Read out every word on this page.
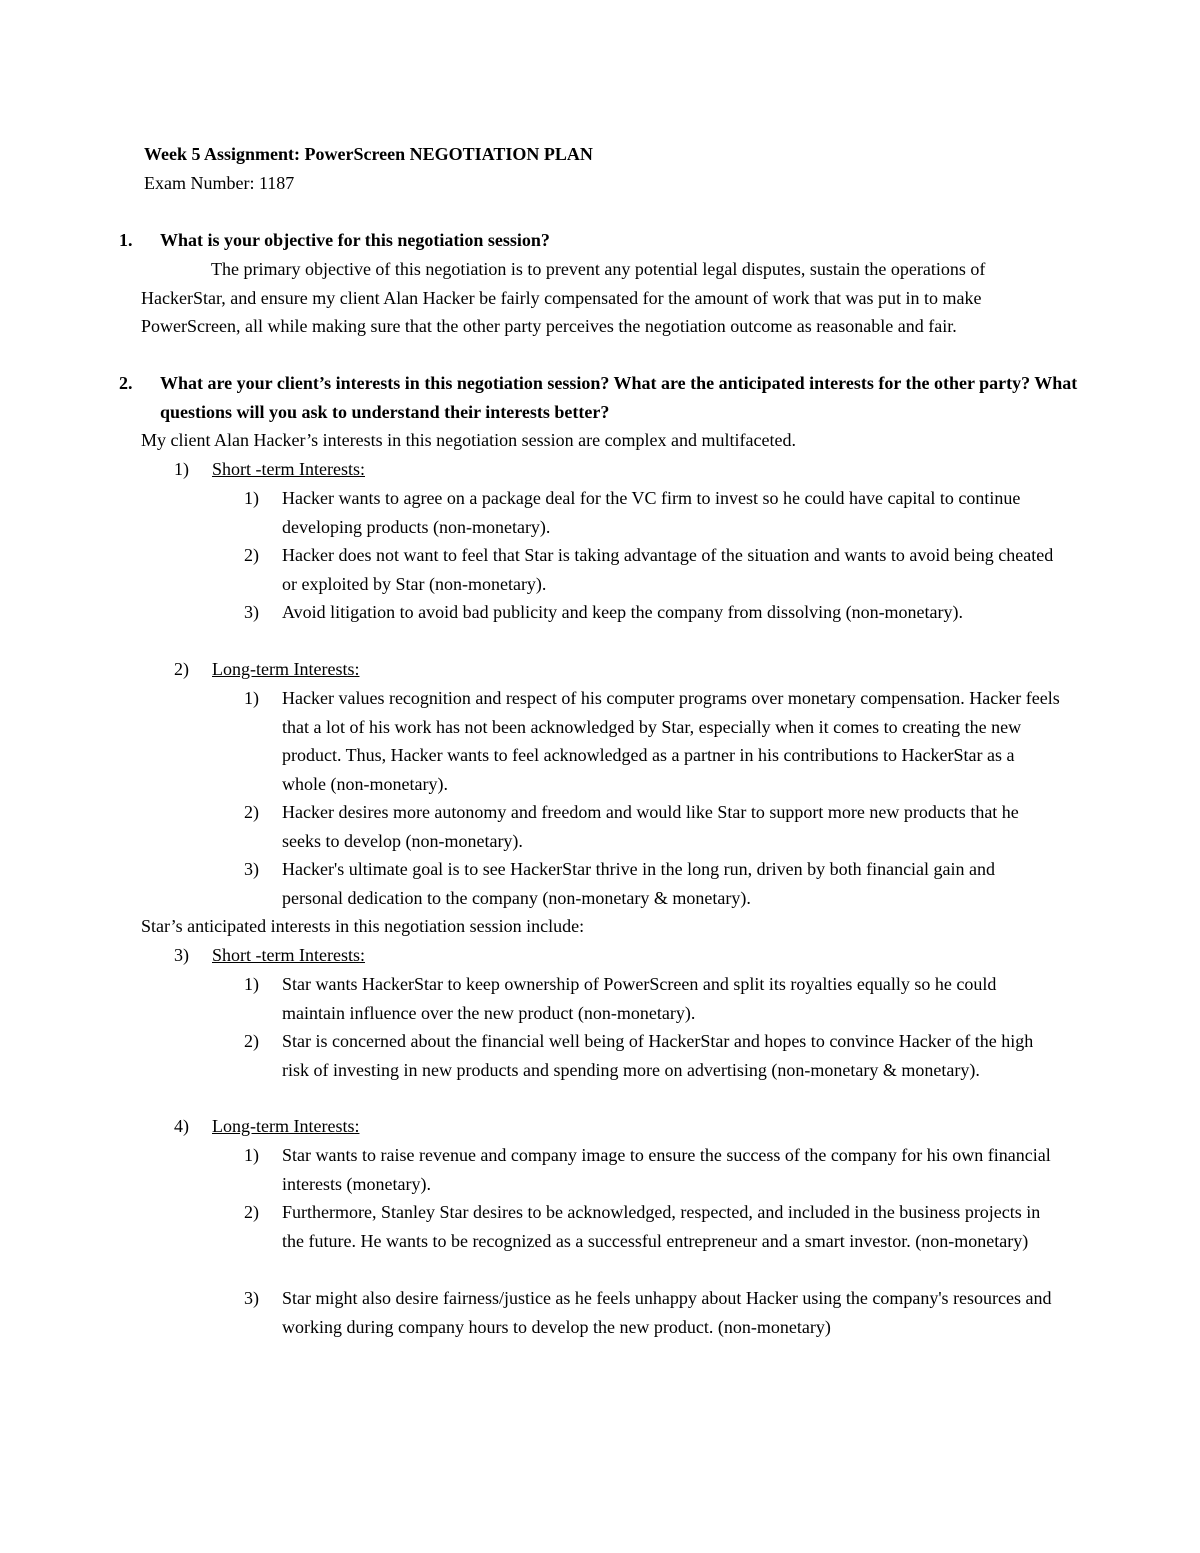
Week 5 Assignment: PowerScreen NEGOTIATION PLAN
Exam Number: 1187
1. What is your objective for this negotiation session?
The primary objective of this negotiation is to prevent any potential legal disputes, sustain the operations of HackerStar, and ensure my client Alan Hacker be fairly compensated for the amount of work that was put in to make PowerScreen, all while making sure that the other party perceives the negotiation outcome as reasonable and fair.
2. What are your client’s interests in this negotiation session? What are the anticipated interests for the other party? What questions will you ask to understand their interests better?
My client Alan Hacker’s interests in this negotiation session are complex and multifaceted.
1) Short -term Interests:
1) Hacker wants to agree on a package deal for the VC firm to invest so he could have capital to continue developing products (non-monetary).
2) Hacker does not want to feel that Star is taking advantage of the situation and wants to avoid being cheated or exploited by Star (non-monetary).
3) Avoid litigation to avoid bad publicity and keep the company from dissolving (non-monetary).
2) Long-term Interests:
1) Hacker values recognition and respect of his computer programs over monetary compensation. Hacker feels that a lot of his work has not been acknowledged by Star, especially when it comes to creating the new product. Thus, Hacker wants to feel acknowledged as a partner in his contributions to HackerStar as a whole (non-monetary).
2) Hacker desires more autonomy and freedom and would like Star to support more new products that he seeks to develop (non-monetary).
3) Hacker's ultimate goal is to see HackerStar thrive in the long run, driven by both financial gain and personal dedication to the company (non-monetary & monetary).
Star’s anticipated interests in this negotiation session include:
3) Short -term Interests:
1) Star wants HackerStar to keep ownership of PowerScreen and split its royalties equally so he could maintain influence over the new product (non-monetary).
2) Star is concerned about the financial well being of HackerStar and hopes to convince Hacker of the high risk of investing in new products and spending more on advertising (non-monetary & monetary).
4) Long-term Interests:
1) Star wants to raise revenue and company image to ensure the success of the company for his own financial interests (monetary).
2) Furthermore, Stanley Star desires to be acknowledged, respected, and included in the business projects in the future. He wants to be recognized as a successful entrepreneur and a smart investor. (non-monetary)
3) Star might also desire fairness/justice as he feels unhappy about Hacker using the company's resources and working during company hours to develop the new product. (non-monetary)
